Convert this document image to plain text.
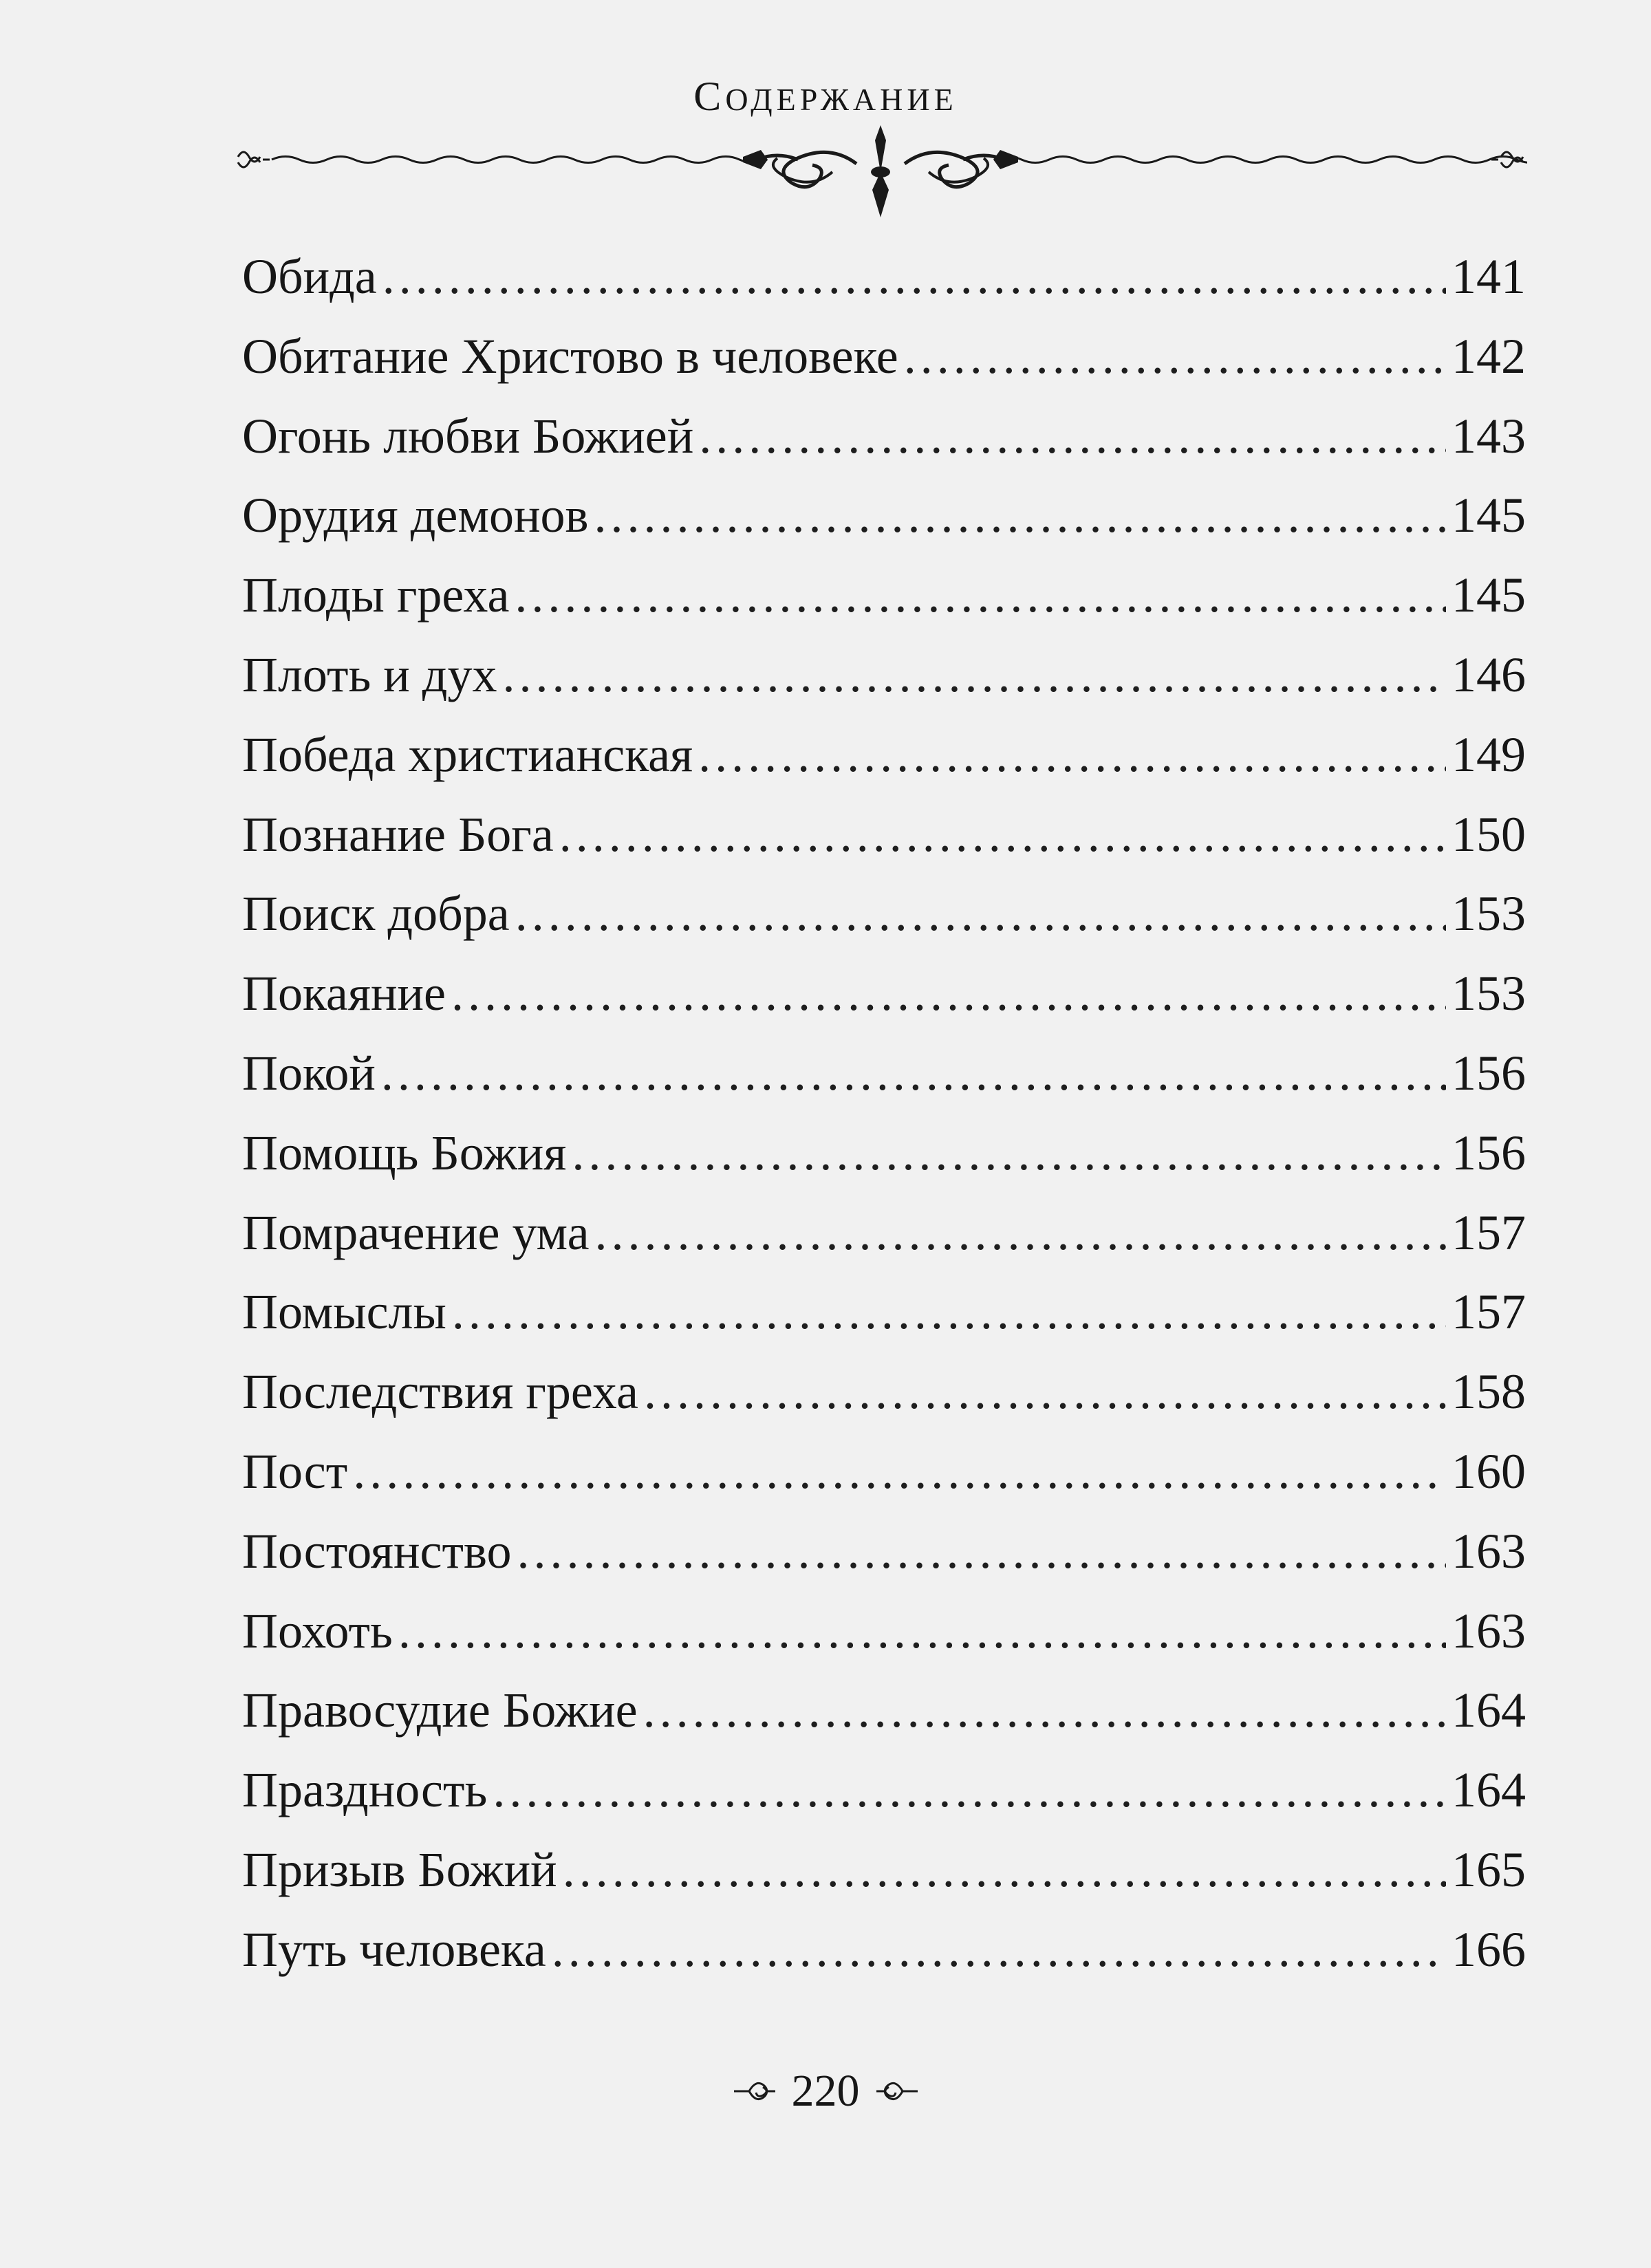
СОДЕРЖАНИЕ
Обида .....	141
Обитание Христово в человеке .....	142
Огонь любви Божией .....	143
Орудия демонов .....	145
Плоды греха .....	145
Плоть и дух .....	146
Победа христианская .....	149
Познание Бога .....	150
Поиск добра .....	153
Покаяние .....	153
Покой .....	156
Помощь Божия .....	156
Помрачение ума .....	157
Помыслы .....	157
Последствия греха .....	158
Пост .....	160
Постоянство .....	163
Похоть .....	163
Правосудие Божие .....	164
Праздность .....	164
Призыв Божий .....	165
Путь человека .....	166
220
